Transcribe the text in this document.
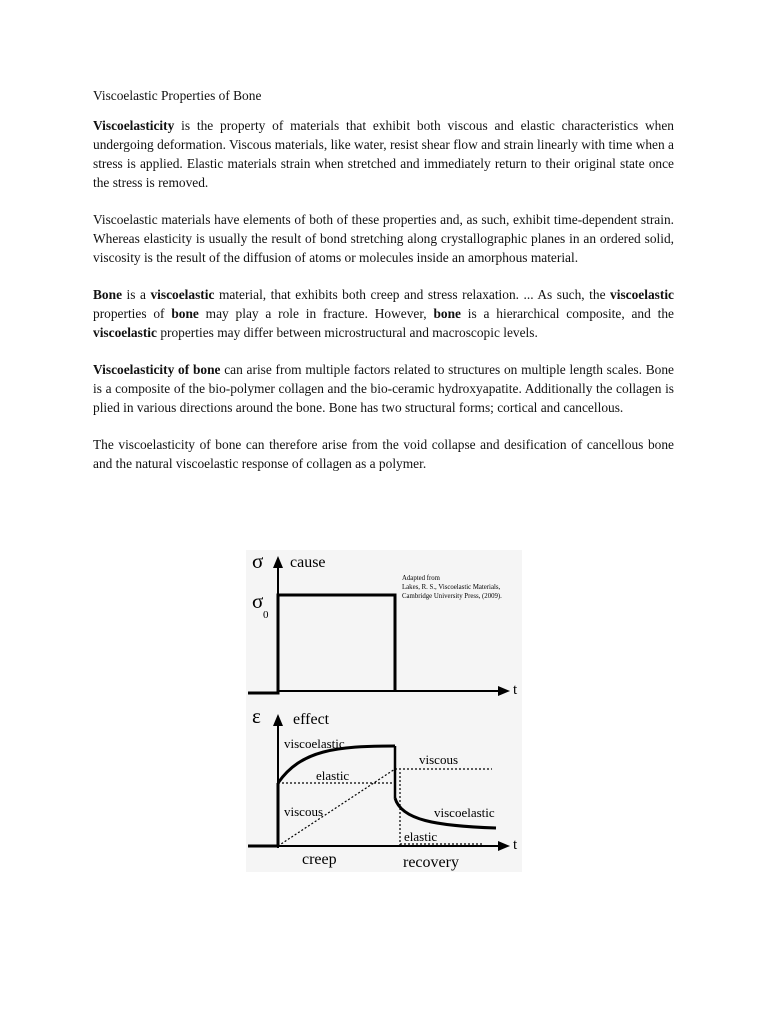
Viscoelastic Properties of Bone

Viscoelasticity is the property of materials that exhibit both viscous and elastic characteristics when undergoing deformation. Viscous materials, like water, resist shear flow and strain linearly with time when a stress is applied. Elastic materials strain when stretched and immediately return to their original state once the stress is removed.

Viscoelastic materials have elements of both of these properties and, as such, exhibit time-dependent strain. Whereas elasticity is usually the result of bond stretching along crystallographic planes in an ordered solid, viscosity is the result of the diffusion of atoms or molecules inside an amorphous material.

Bone is a viscoelastic material, that exhibits both creep and stress relaxation. ... As such, the viscoelastic properties of bone may play a role in fracture. However, bone is a hierarchical composite, and the viscoelastic properties may differ between microstructural and macroscopic levels.

Viscoelasticity of bone can arise from multiple factors related to structures on multiple length scales. Bone is a composite of the bio-polymer collagen and the bio-ceramic hydroxyapatite. Additionally the collagen is plied in various directions around the bone. Bone has two structural forms; cortical and cancellous.

The viscoelasticity of bone can therefore arise from the void collapse and desification of cancellous bone and the natural viscoelastic response of collagen as a polymer.

σ cause
σ
0
t
Adapted from
Lakes, R. S., Viscoelastic Materials,
Cambridge University Press, (2009).
ε effect
t
viscoelastic
elastic
viscous
viscous
viscoelastic
elastic
creep	recovery
